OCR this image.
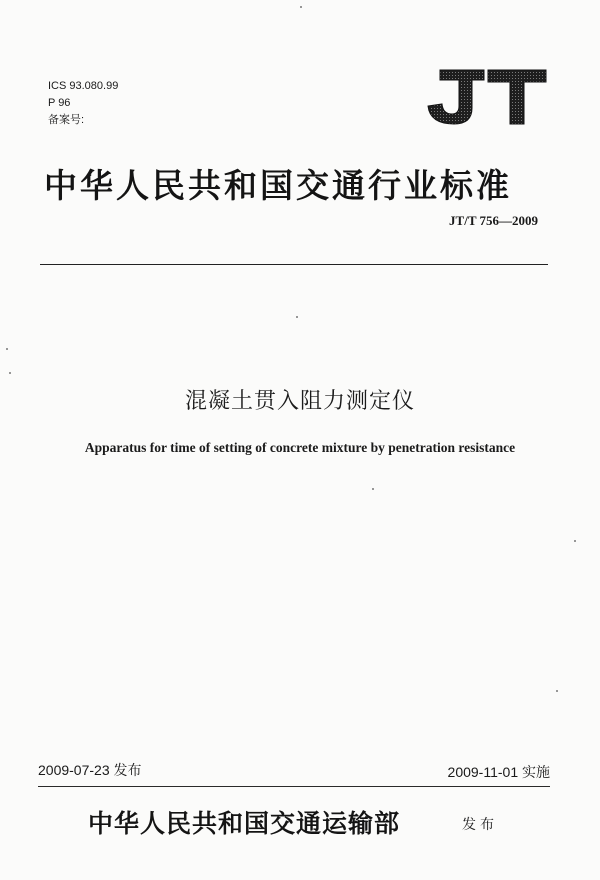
ICS 93.080.99
P 96
备案号:
中华人民共和国交通行业标准
JT/T 756—2009
混凝土贯入阻力测定仪
Apparatus for time of setting of concrete mixture by penetration resistance
2009-07-23 发布	2009-11-01 实施
中华人民共和国交通运输部	发布
